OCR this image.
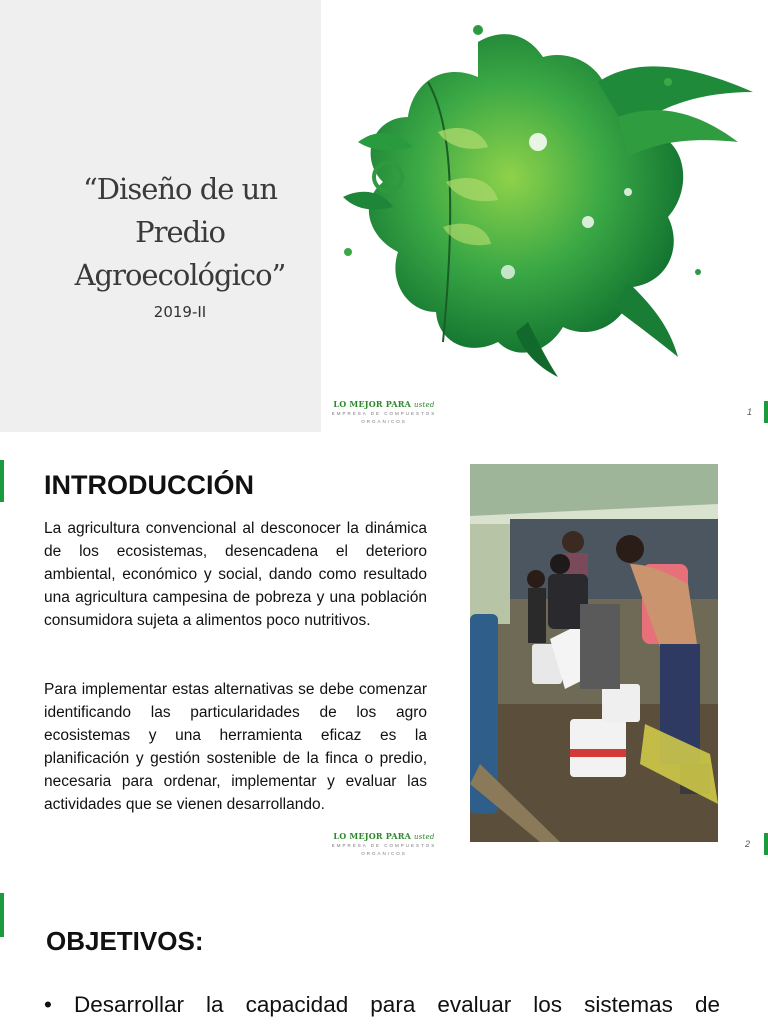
“Diseño de un
Predio
Agroecológico”
2019-II
LO MEJOR PARA usted
EMPRESA DE COMPUESTOS
ORGANICOS
1
INTRODUCCIÓN

La agricultura convencional al desconocer la dinámica de los ecosistemas, desencadena el deterioro ambiental, económico y social, dando como resultado una agricultura campesina de pobreza y una población consumidora sujeta a alimentos poco nutritivos.

Para implementar estas alternativas se debe comenzar identificando las particularidades de los agro ecosistemas y una herramienta eficaz es la planificación y gestión sostenible de la finca o predio, necesaria para ordenar, implementar y evaluar las actividades que se vienen desarrollando.

LO MEJOR PARA usted
EMPRESA DE COMPUESTOS
ORGANICOS
2
OBJETIVOS:
• Desarrollar la capacidad para evaluar los sistemas de
